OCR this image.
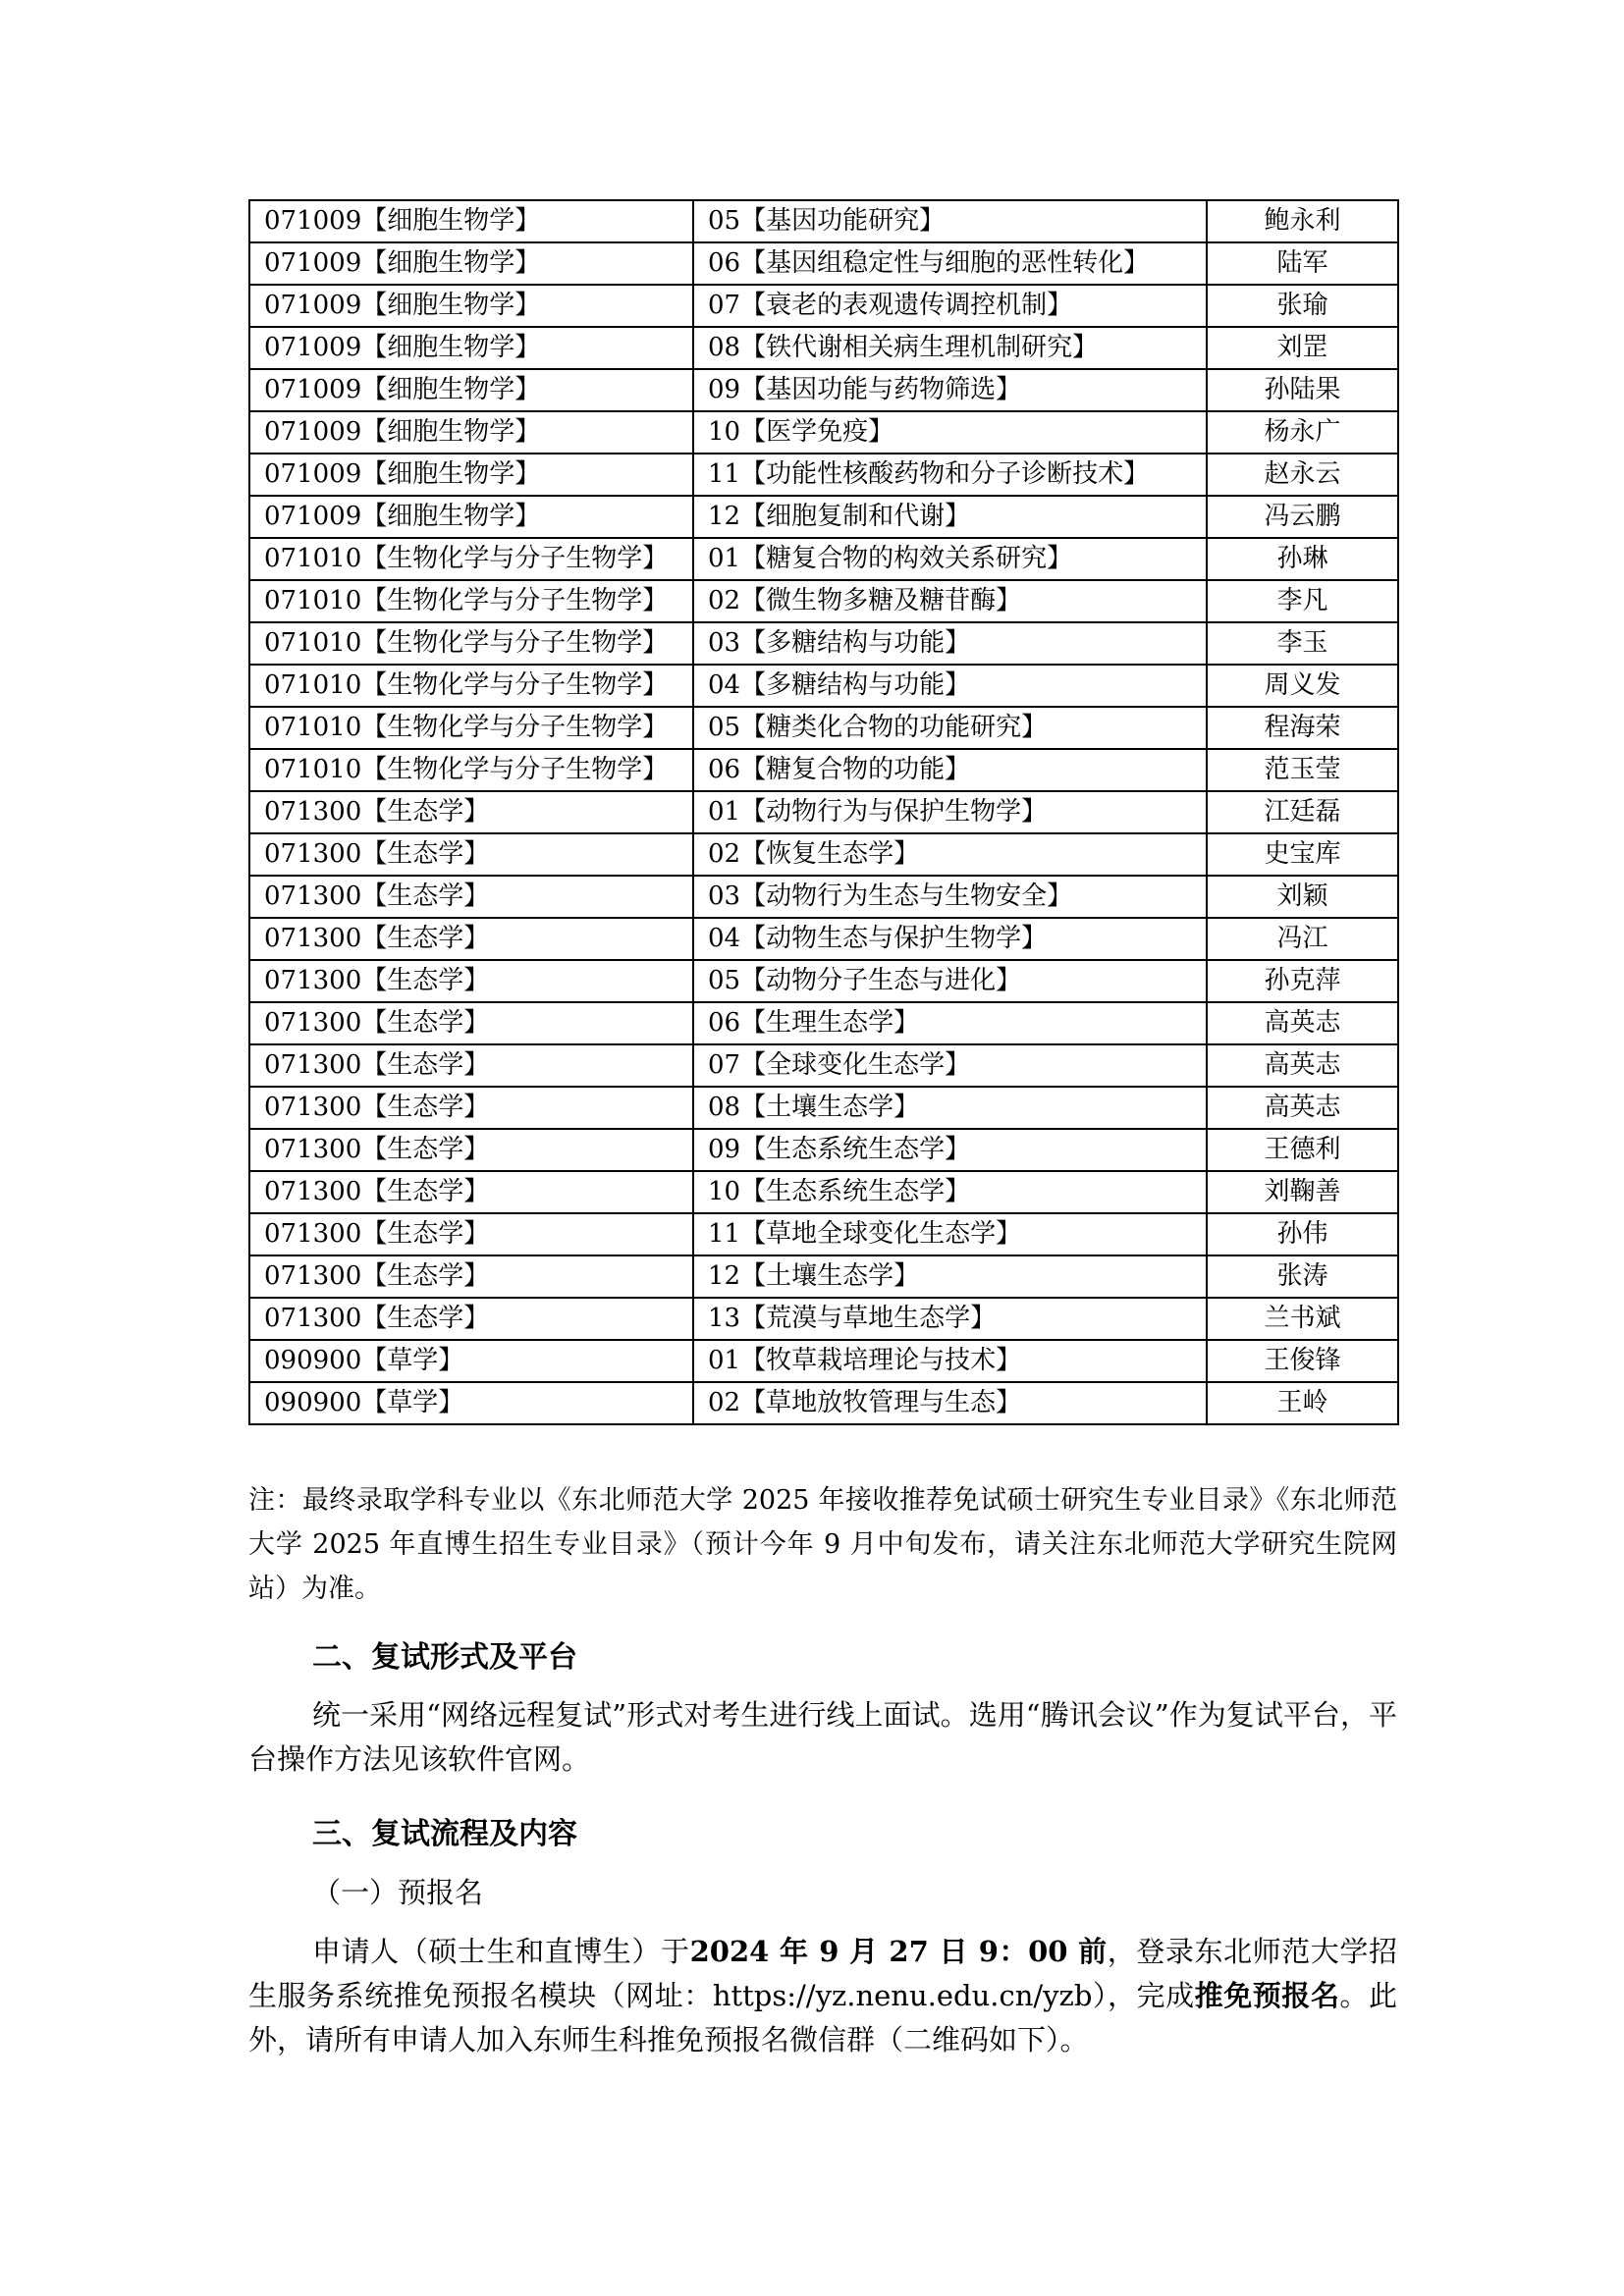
071009【细胞生物学】	05【基因功能研究】	鲍永利
071009【细胞生物学】	06【基因组稳定性与细胞的恶性转化】	陆军
071009【细胞生物学】	07【衰老的表观遗传调控机制】	张瑜
071009【细胞生物学】	08【铁代谢相关病生理机制研究】	刘罡
071009【细胞生物学】	09【基因功能与药物筛选】	孙陆果
071009【细胞生物学】	10【医学免疫】	杨永广
071009【细胞生物学】	11【功能性核酸药物和分子诊断技术】	赵永云
071009【细胞生物学】	12【细胞复制和代谢】	冯云鹏
071010【生物化学与分子生物学】	01【糖复合物的构效关系研究】	孙琳
071010【生物化学与分子生物学】	02【微生物多糖及糖苷酶】	李凡
071010【生物化学与分子生物学】	03【多糖结构与功能】	李玉
071010【生物化学与分子生物学】	04【多糖结构与功能】	周义发
071010【生物化学与分子生物学】	05【糖类化合物的功能研究】	程海荣
071010【生物化学与分子生物学】	06【糖复合物的功能】	范玉莹
071300【生态学】	01【动物行为与保护生物学】	江廷磊
071300【生态学】	02【恢复生态学】	史宝库
071300【生态学】	03【动物行为生态与生物安全】	刘颖
071300【生态学】	04【动物生态与保护生物学】	冯江
071300【生态学】	05【动物分子生态与进化】	孙克萍
071300【生态学】	06【生理生态学】	高英志
071300【生态学】	07【全球变化生态学】	高英志
071300【生态学】	08【土壤生态学】	高英志
071300【生态学】	09【生态系统生态学】	王德利
071300【生态学】	10【生态系统生态学】	刘鞠善
071300【生态学】	11【草地全球变化生态学】	孙伟
071300【生态学】	12【土壤生态学】	张涛
071300【生态学】	13【荒漠与草地生态学】	兰书斌
090900【草学】	01【牧草栽培理论与技术】	王俊锋
090900【草学】	02【草地放牧管理与生态】	王岭
注：最终录取学科专业以《东北师范大学 2025 年接收推荐免试硕士研究生专业目录》《东北师范大学 2025 年直博生招生专业目录》（预计今年 9 月中旬发布，请关注东北师范大学研究生院网站）为准。
二、复试形式及平台
统一采用“网络远程复试”形式对考生进行线上面试。选用“腾讯会议”作为复试平台，平台操作方法见该软件官网。
三、复试流程及内容
（一）预报名
申请人（硕士生和直博生）于2024 年 9 月 27 日 9：00 前，登录东北师范大学招生服务系统推免预报名模块（网址：https://yz.nenu.edu.cn/yzb），完成推免预报名。此外，请所有申请人加入东师生科推免预报名微信群（二维码如下）。
